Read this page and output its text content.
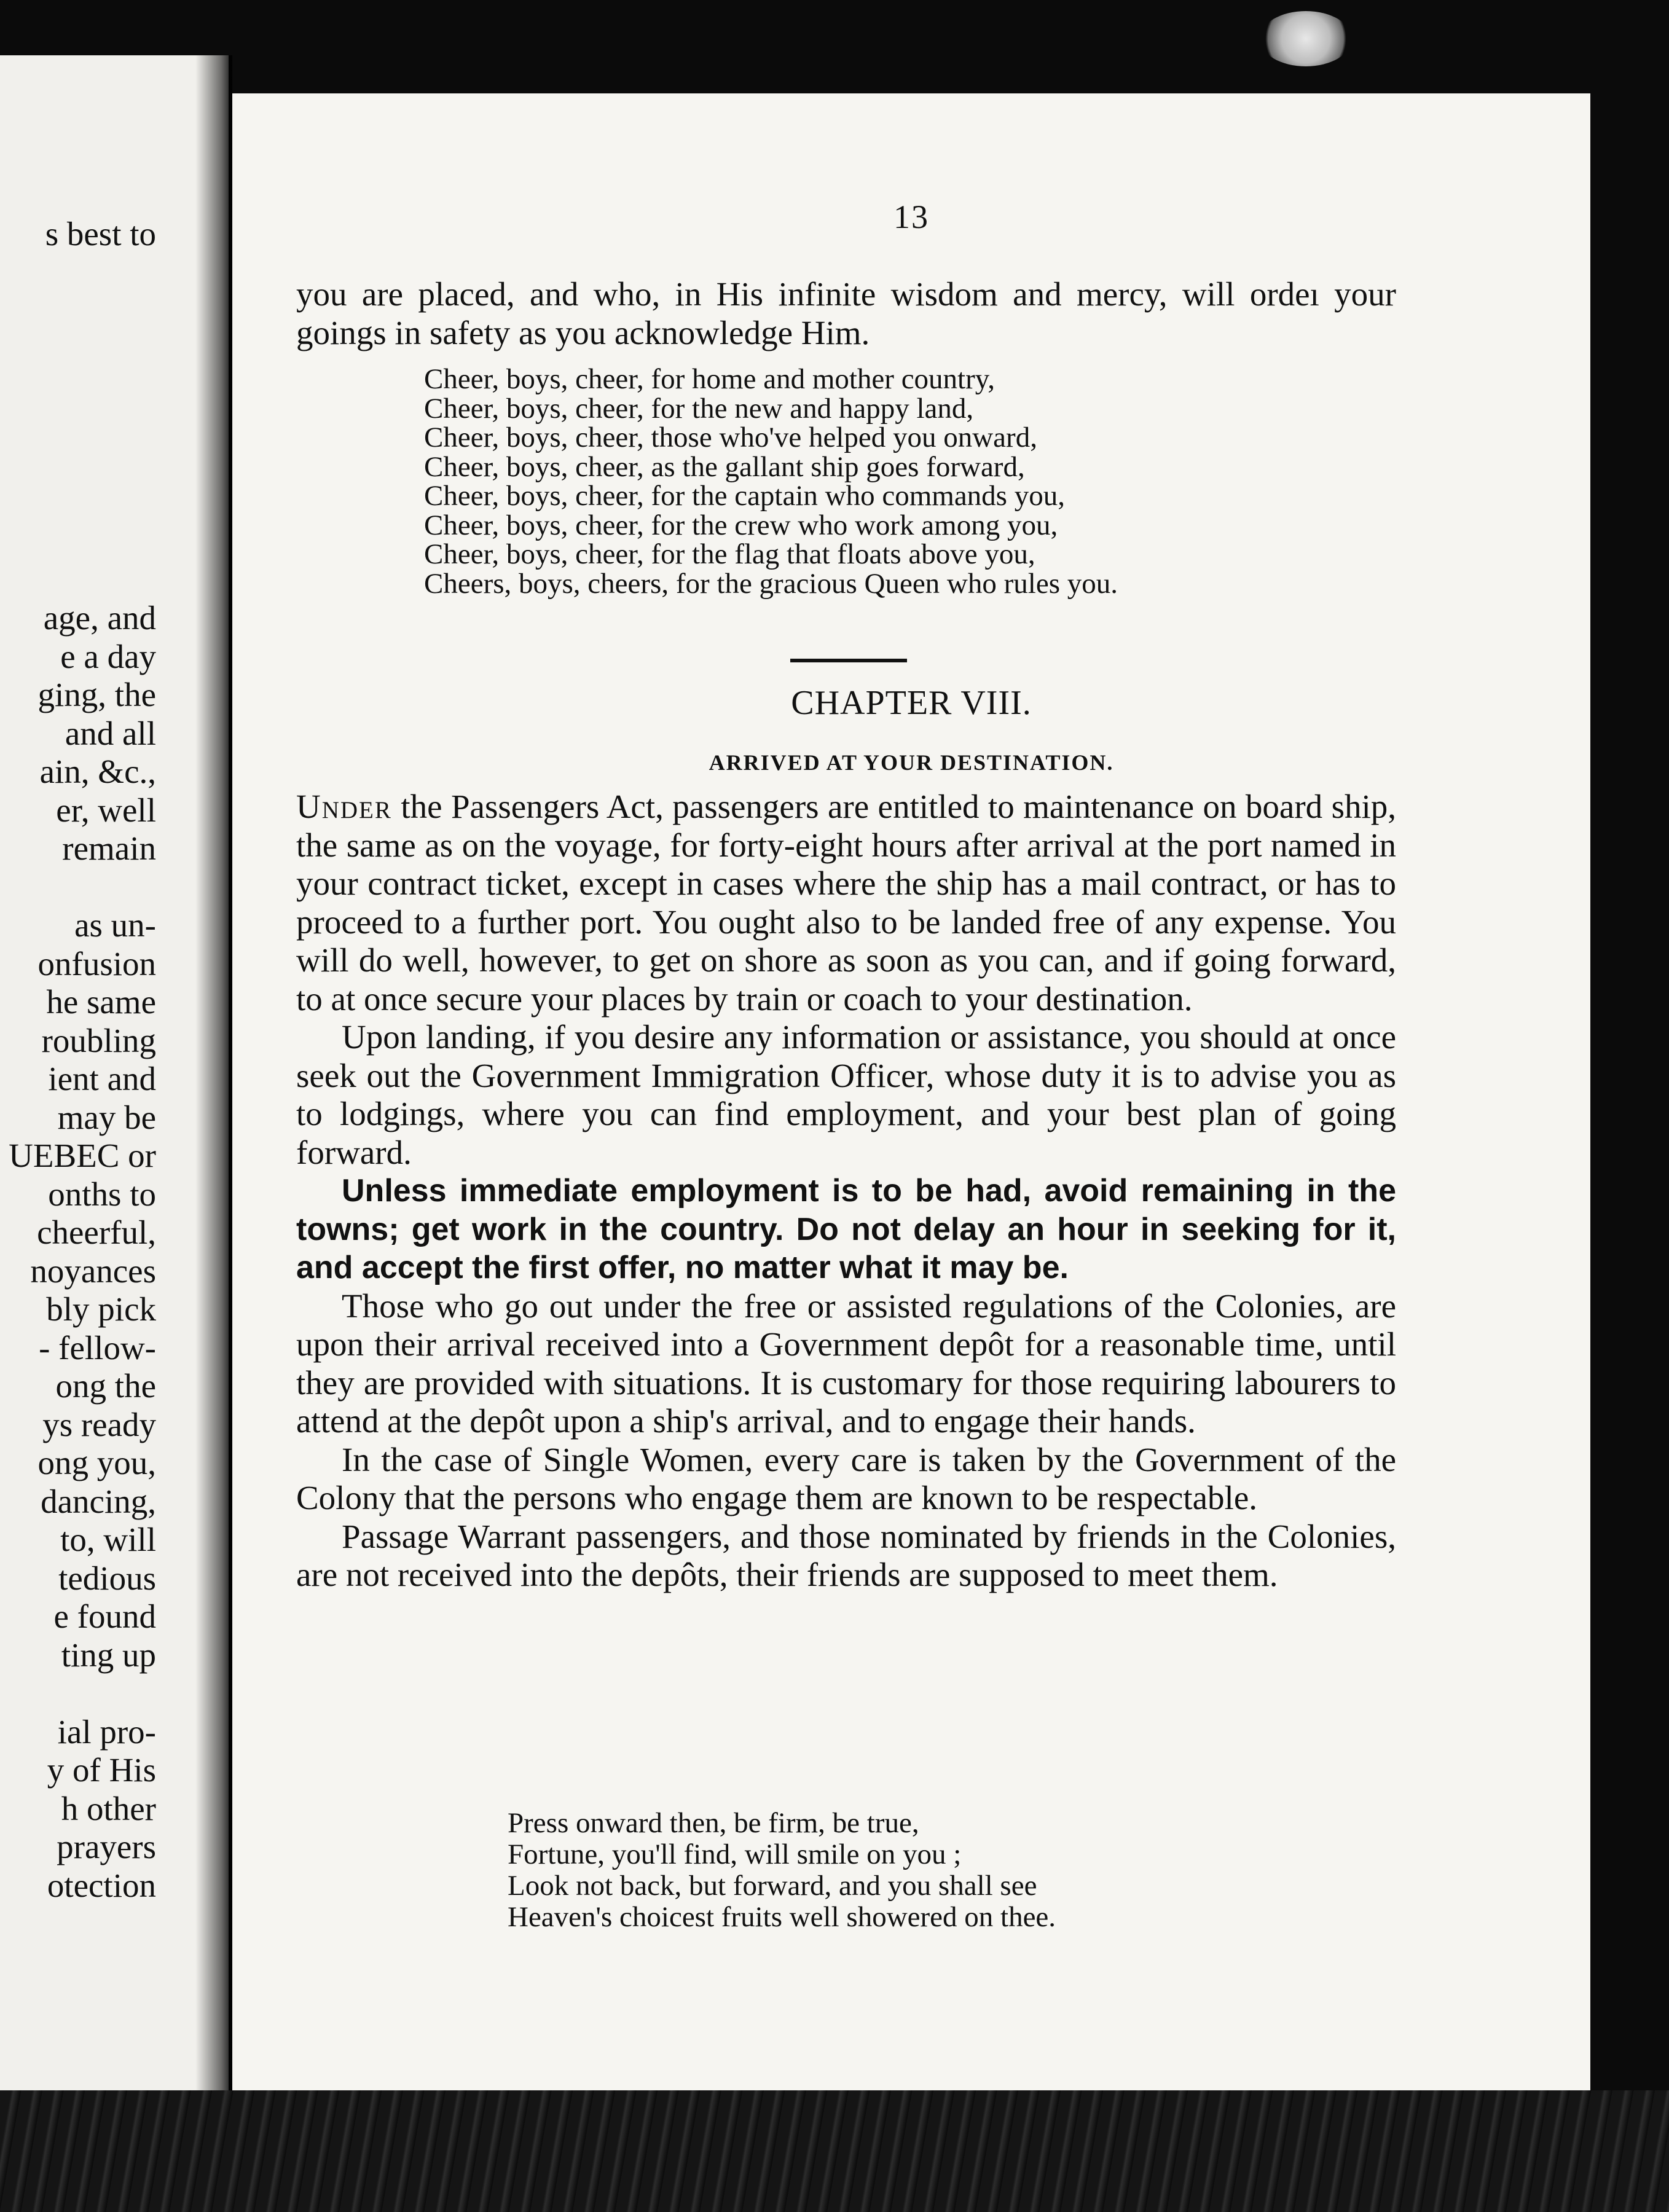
s best to
age, and
e a day
ging, the
and all
ain, &c.,
er, well
remain
as un-
onfusion
he same
roubling
ient and
may be
UEBEC or
onths to
cheerful,
noyances
bly pick
- fellow-
ong the
ys ready
ong you,
dancing,
to, will
tedious
e found
ting up
ial pro-
y of His
h other
prayers
otection
13

you are placed, and who, in His infinite wisdom and mercy, will ordeı your goings in safety as you acknowledge Him.

Cheer, boys, cheer, for home and mother country,
Cheer, boys, cheer, for the new and happy land,
Cheer, boys, cheer, those who've helped you onward,
Cheer, boys, cheer, as the gallant ship goes forward,
Cheer, boys, cheer, for the captain who commands you,
Cheer, boys, cheer, for the crew who work among you,
Cheer, boys, cheer, for the flag that floats above you,
Cheers, boys, cheers, for the gracious Queen who rules you.
CHAPTER VIII.
ARRIVED AT YOUR DESTINATION.

Under the Passengers Act, passengers are entitled to maintenance on board ship, the same as on the voyage, for forty-eight hours after arrival at the port named in your contract ticket, except in cases where the ship has a mail contract, or has to proceed to a further port. You ought also to be landed free of any expense. You will do well, however, to get on shore as soon as you can, and if going forward, to at once secure your places by train or coach to your destination.

Upon landing, if you desire any information or assistance, you should at once seek out the Government Immigration Officer, whose duty it is to advise you as to lodgings, where you can find employment, and your best plan of going forward.

Unless immediate employment is to be had, avoid remaining in the towns; get work in the country. Do not delay an hour in seeking for it, and accept the first offer, no matter what it may be.

Those who go out under the free or assisted regulations of the Colonies, are upon their arrival received into a Government depôt for a reasonable time, until they are provided with situations. It is customary for those requiring labourers to attend at the depôt upon a ship's arrival, and to engage their hands.

In the case of Single Women, every care is taken by the Government of the Colony that the persons who engage them are known to be respectable.

Passage Warrant passengers, and those nominated by friends in the Colonies, are not received into the depôts, their friends are supposed to meet them.

Press onward then, be firm, be true,
Fortune, you'll find, will smile on you ;
Look not back, but forward, and you shall see
Heaven's choicest fruits well showered on thee.
